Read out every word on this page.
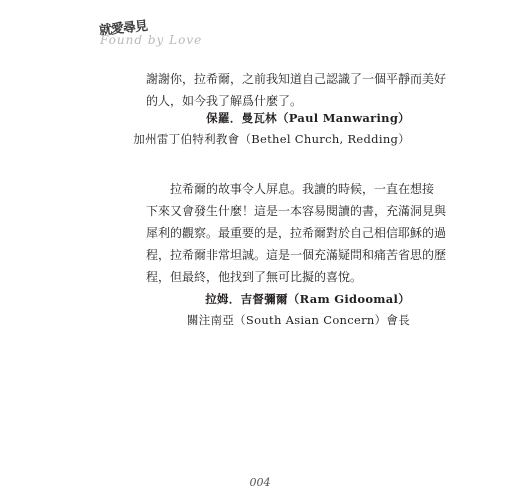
就愛尋見
Found by Love
謝謝你，拉希爾，之前我知道自己認識了一個平靜而美好
的人，如今我了解爲什麼了。
保羅．曼瓦林（Paul Manwaring）
加州雷丁伯特利教會（Bethel Church, Redding）
拉希爾的故事令人屏息。我讀的時候，一直在想接
下來又會發生什麼！這是一本容易閱讀的書，充滿洞見與
犀利的觀察。最重要的是，拉希爾對於自己相信耶穌的過
程，拉希爾非常坦誠。這是一個充滿疑問和痛苦省思的歷
程，但最終，他找到了無可比擬的喜悅。
拉姆．吉督彌爾（Ram Gidoomal）
關注南亞（South Asian Concern）會長
004
